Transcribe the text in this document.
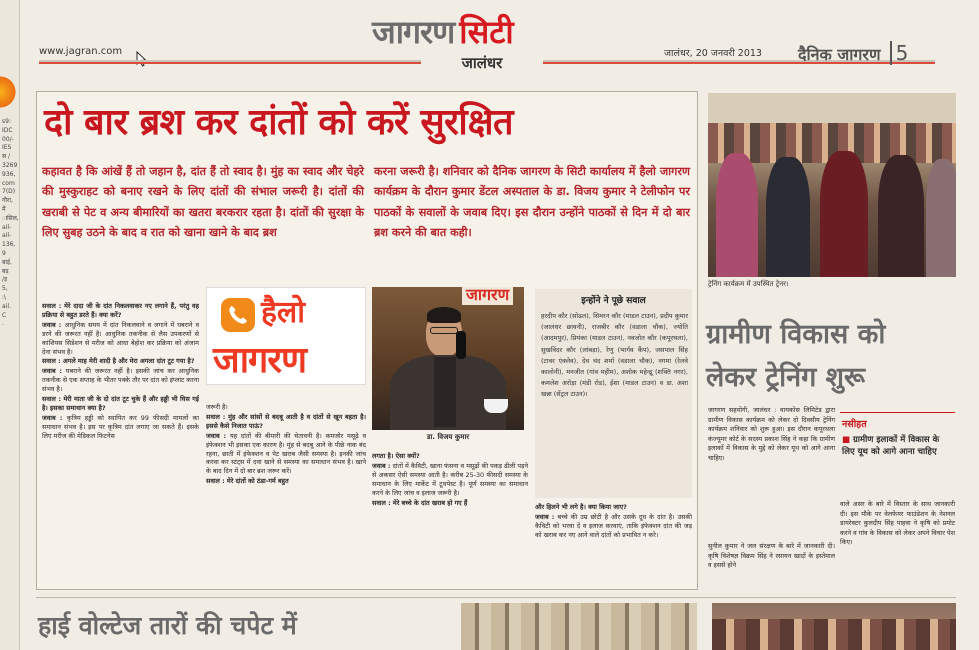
s9:
IDC
00/-
IES
स्र /
3269
936,
com
7(D)
गौरा,
मैं
ासिल,
ail-
ail-
136,
9
बाई,
बड़
/ड़
5,
:\
ail.
C
.
www.jagran.com
जागरण सिटी
जालंधर
जालंधर, 20 जनवरी 2013 दैनिक जागरण 5
दो बार ब्रश कर दांतों को करें सुरक्षित
कहावत है कि आंखें हैं तो जहान है, दांत हैं तो स्वाद है। मुंह का स्वाद और चेहरे की मुस्कुराहट को बनाए रखने के लिए दांतों की संभाल जरूरी है। दांतों की खराबी से पेट व अन्य बीमारियों का खतरा बरकरार रहता है। दांतों की सुरक्षा के लिए सुबह उठने के बाद व रात को खाना खाने के बाद ब्रश
करना जरूरी है। शनिवार को दैनिक जागरण के सिटी कार्यालय में हैलो जागरण कार्यक्रम के दौरान कुमार डेंटल अस्पताल के डा. विजय कुमार ने टेलीफोन पर पाठकों के सवालों के जवाब दिए। इस दौरान उन्होंने पाठकों से दिन में दो बार ब्रश करने की बात कही।

सवाल : मेरे दादा जी के दांत निकलवाकर नए लगाने हैं, परंतु वह प्रक्रिया से बहुत डरते हैं। क्या करें?

जवाब : आधुनिक समय में दांत निकलवाने व लगाने में घबराने व डरने की जरूरत नहीं है। आधुनिक तकनीक से लैस उपकरणों से कांशियस सिडेशन से मरीज को आधा बेहोश कर प्रक्रिया को अंजाम देना संभव है।

सवाल : अगले माह मेरी शादी है और मेरा अगला दांत टूट गया है?

जवाब : घबराने की जरूरत नहीं है। इसकी जांच कर आधुनिक तकनीक से एक सप्ताह के भीतर पक्के तौर पर दांत को इंप्लांट करना संभव है।

सवाल : मेरी माता जी के दो दांत टूट चुके हैं और हड्डी भी घिस गई है। इसका समाधान क्या है?

जवाब : कृत्रिम हड्डी को स्थापित कर 99 फीसदी मामलों का समाधान संभव है। इस पर कृत्रिम दांत लगाए जा सकते हैं। इसके लिए मरीज की मेडिकल फिटनेस

हैलो
जागरण

जरूरी है।

सवाल : मुंह और सांसों से बदबू आती है व दांतों से खून बहता है। इससे कैसे निजात पाऊं?

जवाब : यह दांतों की बीमारी की चेतावनी है। कमजोर मसूढ़े व इंफेक्शन भी इसका एक कारण है। मुंह से बदबू आने के पीछे नाक बंद रहना, छाती में इंफेक्शन व पेट खराब जैसी समस्या है। इनकी जांच करवा कर स्टंट्स में दवा खाने से समस्या का समाधान संभव है। खाने के बाद दिन में दो बार ब्रश जरूर करें।

सवाल : मेरे दांतों को ठंडा-गर्म बहुत

जागरण
डा. विजय कुमार

लगता है। ऐसा क्यों?

जवाब : दांतों में कैविटी, खाना फंसना व मसूढ़ों की पकड़ ढीली पड़ने से अकसर ऐसी समस्या आती है। करीब 25-30 फीसदी समस्या के समाधान के लिए मार्केट में टूथपेस्ट है। पूर्ण समस्या का समाधान करने के लिए जांच व इलाज जरूरी है।

सवाल : मेरे बच्चे के दांत खराब हो गए हैं

इन्होंने ने पूछे सवाल
हरदीप कौर (सोढल), सिमरन कौर (माडल टाउन), प्रदीप कुमार (जालंधर छावनी), राजबीर कौर (वडाला चौक), ज्योति (आदमपुर), प्रियंका (माडल टाउन), नवजोत कौर (कपूरथला), सुखविंदर कौर (लांबड़ा), रेणु (भार्गव कैंप), जसपाल सिंह (टावर एंक्लेव), देव चंद शर्मा (वडाला चौक), नगमा (रेलवे कालोनी), मनजीत (गांव महीम), अशोक महेन्द्रू (शक्ति नगर), कमलेश अरोड़ा (मंडी रोड), ईशा (माडल टाउन) व डा. अशा खन्ना (सेंट्रल टाउन)।

और हिलने भी लगे है। क्या किया जाए?

जवाब : बच्चे की उम्र छोटी है और उसके दूध के दांत है। उसकी कैविटी को भरवा दें व इलाज करवाएं, ताकि इंफेक्शन दांत की जड़ को खराब कर नए आने वाले दांतों को प्रभावित न करे।

ट्रेनिंग कार्यक्रम में उपस्थित ट्रेनर।
ग्रामीण विकास को
लेकर ट्रेनिंग शुरू
जागरण सहयोगी, जालंधर : वायकोस लिमिटेड द्वारा ग्रामीण विकास कार्यक्रम को लेकर दो दिवसीय ट्रेनिंग कार्यक्रम शनिवार को शुरू हुआ। इस दौरान कपूरथला कंज्यूमर कोर्ट के सदस्य प्रकाश सिंह ने कहा कि ग्रामीण इलाकों में विकास के मुद्दे को लेकर यूथ को आगे आना चाहिए।
सुनील कुमार ने जल संरक्षण के बारे में जानकारी दी। कृषि विशेषज्ञ विक्रम सिंह ने रसायन खादों के इस्तेमाल व इससे होने
नसीहत
■ ग्रामीण इलाकों में विकास के लिए यूथ को आगे आना चाहिए
वाले असर के बारे में विस्तार के साथ जानकारी दी। इस मौके पर वेलफेयर फाउंडेशन के नेशनल डायरेक्टर कुलदीप सिंह पाहवा ने कृषि को प्रमोट करने व गांव के विकास को लेकर अपने विचार पेश किए।
हाई वोल्टेज तारों की चपेट में
